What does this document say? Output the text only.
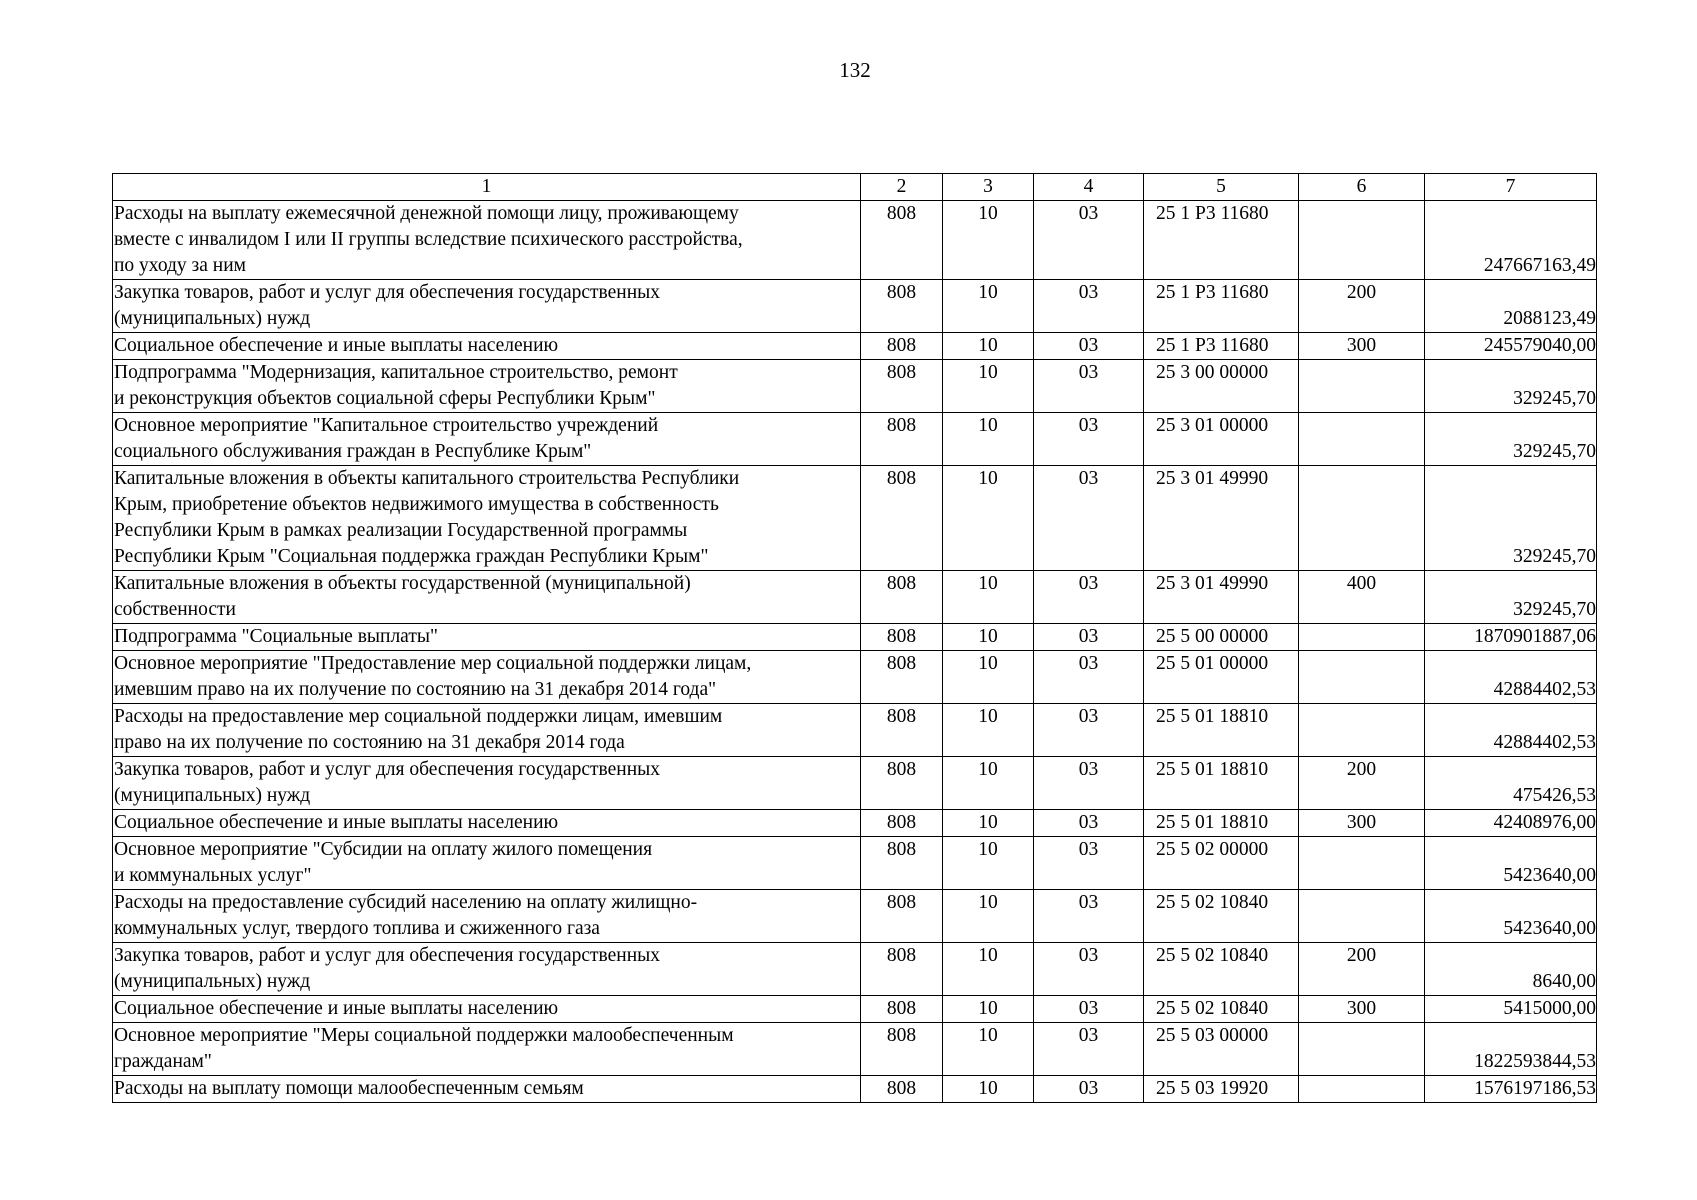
132
1	2	3	4	5	6	7
Расходы на выплату ежемесячной денежной помощи лицу, проживающему
вместе с инвалидом I или II группы вследствие психического расстройства,
по уходу за ним	808	10	03	25 1 Р3 11680		247667163,49
Закупка товаров, работ и услуг для обеспечения государственных
(муниципальных) нужд	808	10	03	25 1 Р3 11680	200	2088123,49
Социальное обеспечение и иные выплаты населению	808	10	03	25 1 Р3 11680	300	245579040,00
Подпрограмма "Модернизация, капитальное строительство, ремонт
и реконструкция объектов социальной сферы Республики Крым"	808	10	03	25 3 00 00000		329245,70
Основное мероприятие "Капитальное строительство учреждений
социального обслуживания граждан в Республике Крым"	808	10	03	25 3 01 00000		329245,70
Капитальные вложения в объекты капитального строительства Республики
Крым, приобретение объектов недвижимого имущества в собственность
Республики Крым в рамках реализации Государственной программы
Республики Крым "Социальная поддержка граждан Республики Крым"	808	10	03	25 3 01 49990		329245,70
Капитальные вложения в объекты государственной (муниципальной)
собственности	808	10	03	25 3 01 49990	400	329245,70
Подпрограмма "Социальные выплаты"	808	10	03	25 5 00 00000		1870901887,06
Основное мероприятие "Предоставление мер социальной поддержки лицам,
имевшим право на их получение по состоянию на 31 декабря 2014 года"	808	10	03	25 5 01 00000		42884402,53
Расходы на предоставление мер социальной поддержки лицам, имевшим
право на их получение по состоянию на 31 декабря 2014 года	808	10	03	25 5 01 18810		42884402,53
Закупка товаров, работ и услуг для обеспечения государственных
(муниципальных) нужд	808	10	03	25 5 01 18810	200	475426,53
Социальное обеспечение и иные выплаты населению	808	10	03	25 5 01 18810	300	42408976,00
Основное мероприятие "Субсидии на оплату жилого помещения
и коммунальных услуг"	808	10	03	25 5 02 00000		5423640,00
Расходы на предоставление субсидий населению на оплату жилищно-
коммунальных услуг, твердого топлива и сжиженного газа	808	10	03	25 5 02 10840		5423640,00
Закупка товаров, работ и услуг для обеспечения государственных
(муниципальных) нужд	808	10	03	25 5 02 10840	200	8640,00
Социальное обеспечение и иные выплаты населению	808	10	03	25 5 02 10840	300	5415000,00
Основное мероприятие "Меры социальной поддержки малообеспеченным
гражданам"	808	10	03	25 5 03 00000		1822593844,53
Расходы на выплату помощи малообеспеченным семьям	808	10	03	25 5 03 19920		1576197186,53
